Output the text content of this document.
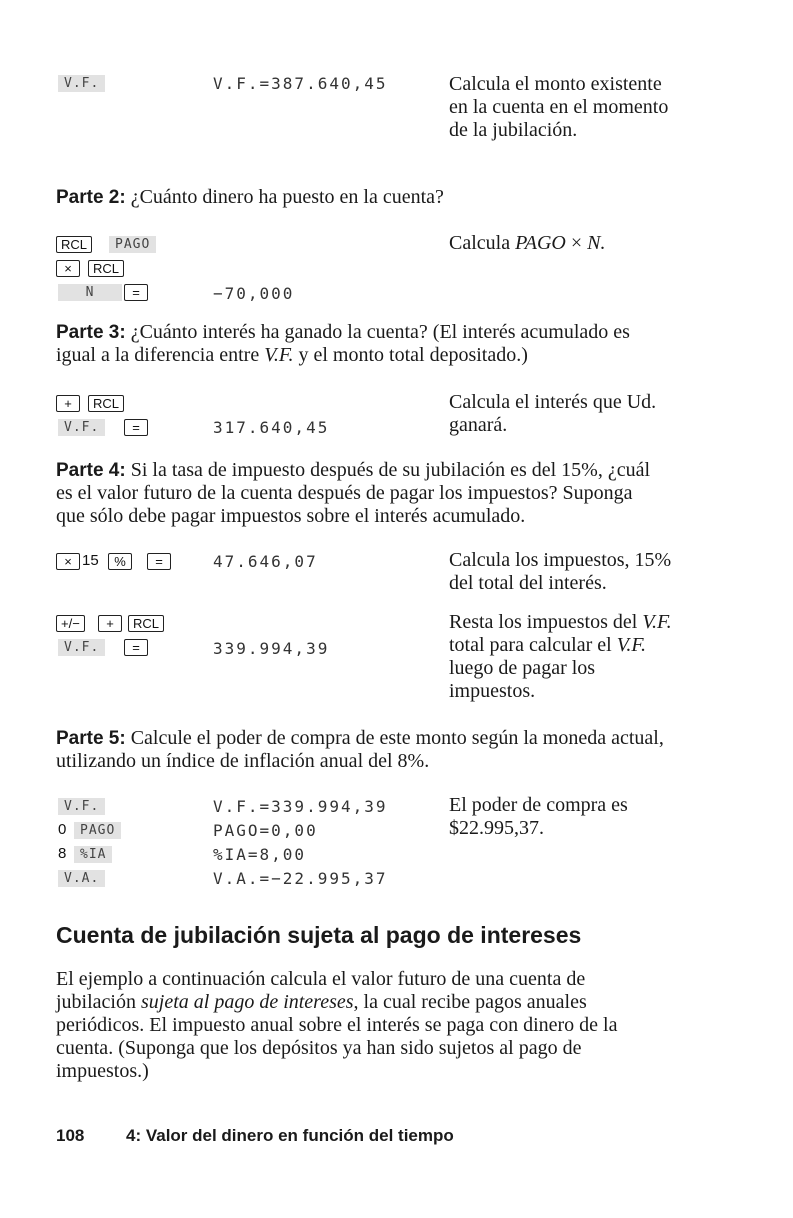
V.F.	V.F.=387.640,45	Calcula el monto existente en la cuenta en el momento de la jubilación.
Parte 2: ¿Cuánto dinero ha puesto en la cuenta?
RCL	PAGO	Calcula PAGO × N.
×	RCL
N	=	−70,000
Parte 3: ¿Cuánto interés ha ganado la cuenta? (El interés acumulado es igual a la diferencia entre V.F. y el monto total depositado.)
+	RCL
V.F.	=	317.640,45
Calcula el interés que Ud. ganará.
Parte 4: Si la tasa de impuesto después de su jubilación es del 15%, ¿cuál es el valor futuro de la cuenta después de pagar los impuestos? Suponga que sólo debe pagar impuestos sobre el interés acumulado.
× 15	%	=	47.646,07	Calcula los impuestos, 15% del total del interés.
+/−	+	RCL
V.F.	=	339.994,39
Resta los impuestos del V.F. total para calcular el V.F. luego de pagar los impuestos.
Parte 5: Calcule el poder de compra de este monto según la moneda actual, utilizando un índice de inflación anual del 8%.
V.F.	V.F.=339.994,39
0	PAGO	PAGO=0,00
8	%IA	%IA=8,00
V.A.	V.A.=−22.995,37
El poder de compra es $22.995,37.
Cuenta de jubilación sujeta al pago de intereses
El ejemplo a continuación calcula el valor futuro de una cuenta de jubilación sujeta al pago de intereses, la cual recibe pagos anuales periódicos. El impuesto anual sobre el interés se paga con dinero de la cuenta. (Suponga que los depósitos ya han sido sujetos al pago de impuestos.)
108 4: Valor del dinero en función del tiempo
